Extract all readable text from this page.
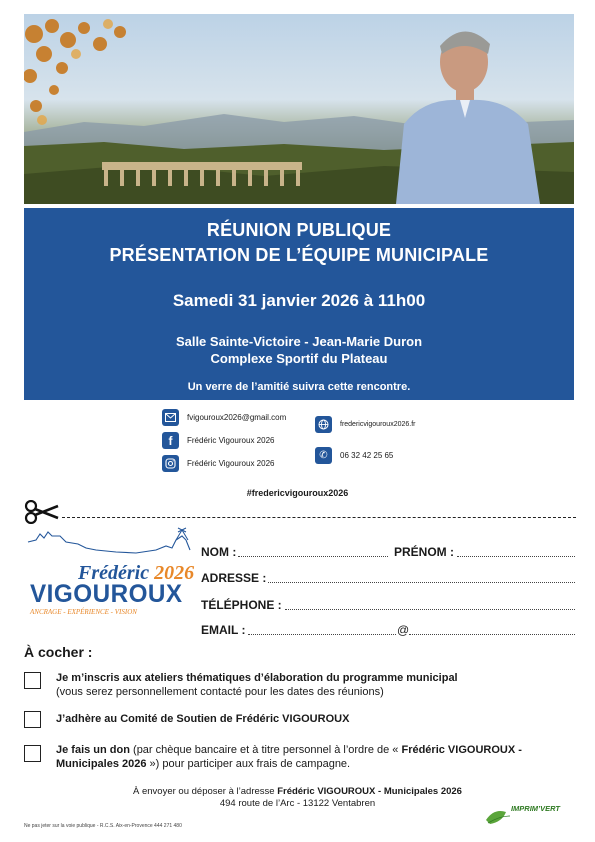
RÉUNION PUBLIQUE
PRÉSENTATION DE L’ÉQUIPE MUNICIPALE
Samedi 31 janvier 2026 à 11h00
Salle Sainte-Victoire - Jean-Marie Duron
Complexe Sportif du Plateau
Un verre de l’amitié suivra cette rencontre.
fvigouroux2026@gmail.com
f Frédéric Vigouroux 2026
Frédéric Vigouroux 2026
fredericvigouroux2026.fr
✆ 06 32 42 25 65
#fredericvigouroux2026
Frédéric 2026
VIGOUROUX
ANCRAGE - EXPÉRIENCE - VISION
NOM :	PRÉNOM :
ADRESSE :
TÉLÉPHONE :
EMAIL :	@
À cocher :
Je m’inscris aux ateliers thématiques d’élaboration du programme municipal
(vous serez personnellement contacté pour les dates des réunions)
J’adhère au Comité de Soutien de Frédéric VIGOUROUX
Je fais un don (par chèque bancaire et à titre personnel à l’ordre de « Frédéric VIGOUROUX - Municipales 2026 ») pour participer aux frais de campagne.
À envoyer ou déposer à l’adresse Frédéric VIGOUROUX - Municipales 2026
494 route de l’Arc - 13122 Ventabren
Ne pas jeter sur la voie publique - R.C.S. Aix-en-Provence 444 271 480
IMPRIM’VERT
